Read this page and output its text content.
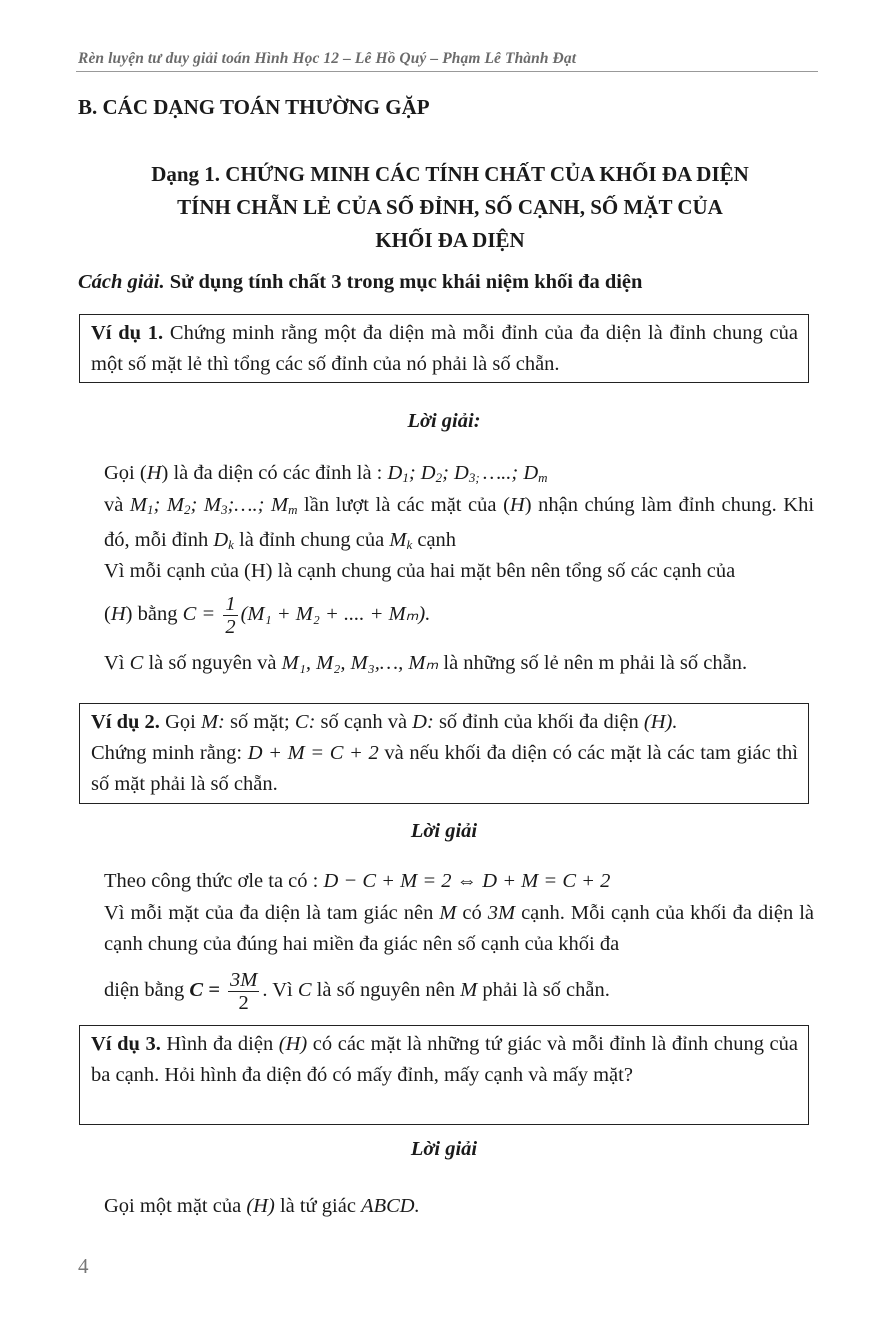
Rèn luyện tư duy giải toán Hình Học 12 – Lê Hồ Quý – Phạm Lê Thành Đạt
B. CÁC DẠNG TOÁN THƯỜNG GẶP
Dạng 1. CHỨNG MINH CÁC TÍNH CHẤT CỦA KHỐI ĐA DIỆN
TÍNH CHẴN LẺ CỦA SỐ ĐỈNH, SỐ CẠNH, SỐ MẶT CỦA
KHỐI ĐA DIỆN
Cách giải. Sử dụng tính chất 3 trong mục khái niệm khối đa diện
Ví dụ 1. Chứng minh rằng một đa diện mà mỗi đỉnh của đa diện là đỉnh chung của một số mặt lẻ thì tổng các số đỉnh của nó phải là số chẵn.
Lời giải:
Gọi (H) là đa diện có các đỉnh là : $D_1$; $D_2$; $D_{3;}$ …..; $D_m$
và $M_1$; $M_2$; $M_3;\dots$.; $M_m$ lần lượt là các mặt của (H) nhận chúng làm đỉnh chung. Khi đó, mỗi đỉnh $D_k$ là đỉnh chung của $M_k$ cạnh
Vì mỗi cạnh của (H) là cạnh chung của hai mặt bên nên tổng số các cạnh của
(H) bằng $C = \frac{1}{2} (M_1 + M_2$ + .... + Mₘ).
Vì C là số nguyên và M₁, M₂, M₃,…, Mₘ là những số lẻ nên m phải là số chẵn.
Ví dụ 2. Gọi M: số mặt; C: số cạnh và D: số đỉnh của khối đa diện (H).
Chứng minh rằng: D + M = C + 2 và nếu khối đa diện có các mặt là các tam giác thì số mặt phải là số chẵn.
Lời giải
Theo công thức ơle ta có : D − C + M = 2 ⇔ D + M = C + 2
Vì mỗi mặt của đa diện là tam giác nên M có 3M cạnh. Mỗi cạnh của khối đa diện là cạnh chung của đúng hai miền đa giác nên số cạnh của khối đa
diện bằng $C = \frac{3M}{2}$ . Vì C là số nguyên nên M phải là số chẵn.
Ví dụ 3. Hình đa diện (H) có các mặt là những tứ giác và mỗi đỉnh là đỉnh chung của ba cạnh. Hỏi hình đa diện đó có mấy đỉnh, mấy cạnh và mấy mặt?
Lời giải
Gọi một mặt của (H) là tứ giác ABCD.
4
